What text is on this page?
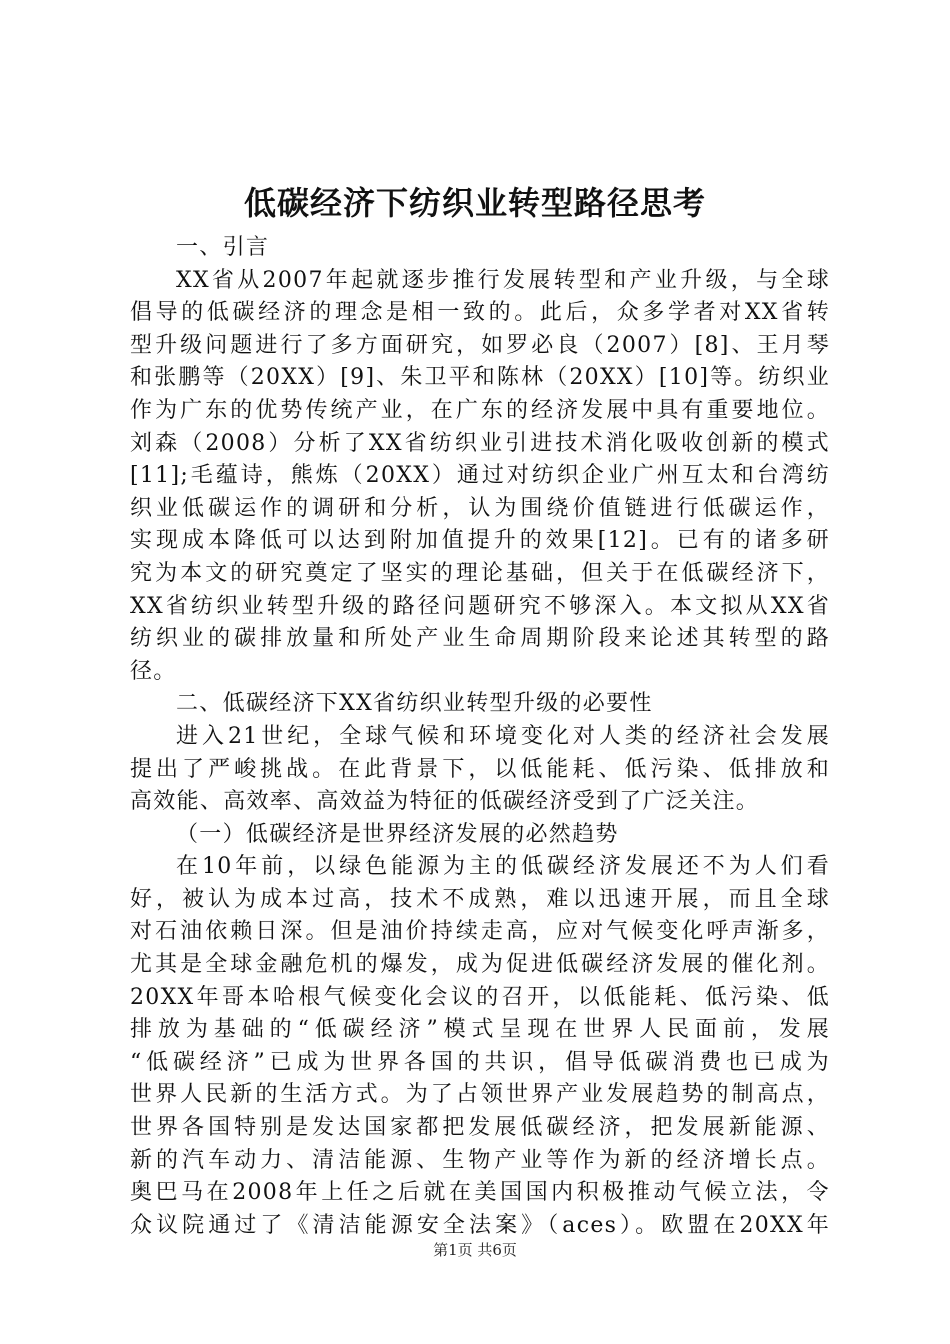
低碳经济下纺织业转型路径思考
一、引言
XX省从2007年起就逐步推行发展转型和产业升级，与全球
倡导的低碳经济的理念是相一致的。此后，众多学者对XX省转
型升级问题进行了多方面研究，如罗必良（2007）[8]、王月琴
和张鹏等（20XX）[9]、朱卫平和陈林（20XX）[10]等。纺织业
作为广东的优势传统产业，在广东的经济发展中具有重要地位。
刘森（2008）分析了XX省纺织业引进技术消化吸收创新的模式
[11];毛蕴诗，熊炼（20XX）通过对纺织企业广州互太和台湾纺
织业低碳运作的调研和分析，认为围绕价值链进行低碳运作，
实现成本降低可以达到附加值提升的效果[12]。已有的诸多研
究为本文的研究奠定了坚实的理论基础，但关于在低碳经济下，
XX省纺织业转型升级的路径问题研究不够深入。本文拟从XX省
纺织业的碳排放量和所处产业生命周期阶段来论述其转型的路
径。
二、低碳经济下XX省纺织业转型升级的必要性
进入21世纪，全球气候和环境变化对人类的经济社会发展
提出了严峻挑战。在此背景下，以低能耗、低污染、低排放和
高效能、高效率、高效益为特征的低碳经济受到了广泛关注。
（一）低碳经济是世界经济发展的必然趋势
在10年前，以绿色能源为主的低碳经济发展还不为人们看
好，被认为成本过高，技术不成熟，难以迅速开展，而且全球
对石油依赖日深。但是油价持续走高，应对气候变化呼声渐多，
尤其是全球金融危机的爆发，成为促进低碳经济发展的催化剂。
20XX年哥本哈根气候变化会议的召开，以低能耗、低污染、低
排放为基础的“低碳经济”模式呈现在世界人民面前，发展
“低碳经济”已成为世界各国的共识，倡导低碳消费也已成为
世界人民新的生活方式。为了占领世界产业发展趋势的制高点，
世界各国特别是发达国家都把发展低碳经济，把发展新能源、
新的汽车动力、清洁能源、生物产业等作为新的经济增长点。
奥巴马在2008年上任之后就在美国国内积极推动气候立法，令
众议院通过了《清洁能源安全法案》（aces）。欧盟在20XX年
第1页 共6页
